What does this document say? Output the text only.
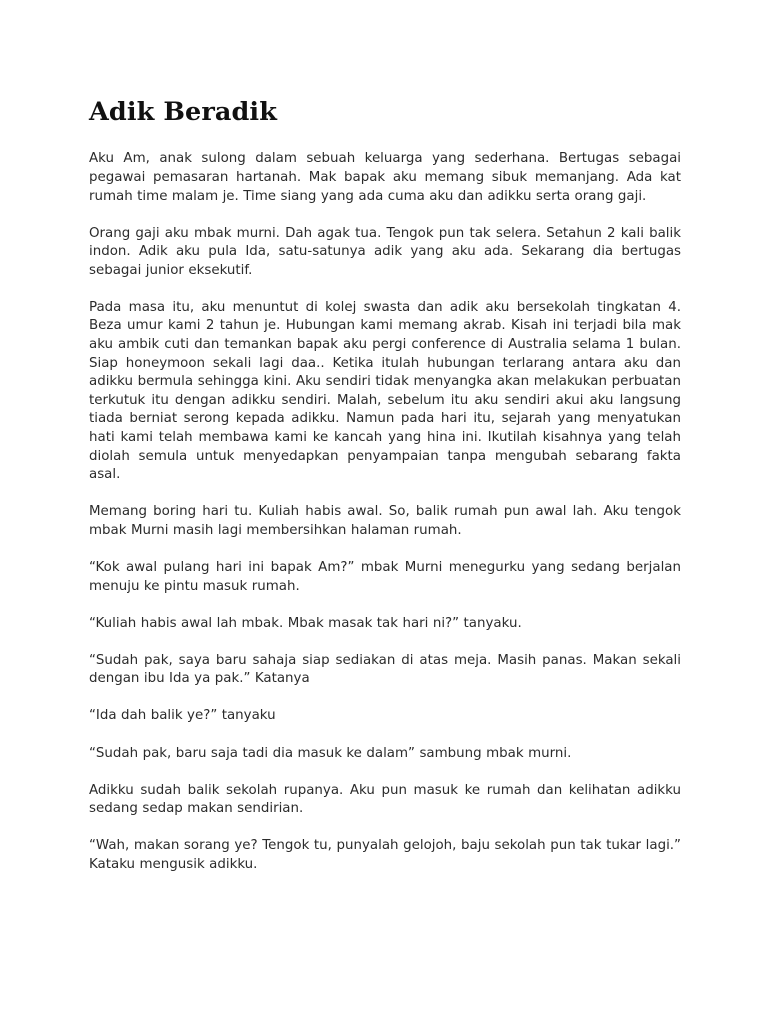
Adik Beradik

Aku Am, anak sulong dalam sebuah keluarga yang sederhana. Bertugas sebagai pegawai pemasaran hartanah. Mak bapak aku memang sibuk memanjang. Ada kat rumah time malam je. Time siang yang ada cuma aku dan adikku serta orang gaji.

Orang gaji aku mbak murni. Dah agak tua. Tengok pun tak selera. Setahun 2 kali balik indon. Adik aku pula Ida, satu-satunya adik yang aku ada. Sekarang dia bertugas sebagai junior eksekutif.

Pada masa itu, aku menuntut di kolej swasta dan adik aku bersekolah tingkatan 4. Beza umur kami 2 tahun je. Hubungan kami memang akrab. Kisah ini terjadi bila mak aku ambik cuti dan temankan bapak aku pergi conference di Australia selama 1 bulan. Siap honeymoon sekali lagi daa.. Ketika itulah hubungan terlarang antara aku dan adikku bermula sehingga kini. Aku sendiri tidak menyangka akan melakukan perbuatan terkutuk itu dengan adikku sendiri. Malah, sebelum itu aku sendiri akui aku langsung tiada berniat serong kepada adikku. Namun pada hari itu, sejarah yang menyatukan hati kami telah membawa kami ke kancah yang hina ini. Ikutilah kisahnya yang telah diolah semula untuk menyedapkan penyampaian tanpa mengubah sebarang fakta asal.

Memang boring hari tu. Kuliah habis awal. So, balik rumah pun awal lah. Aku tengok mbak Murni masih lagi membersihkan halaman rumah.

“Kok awal pulang hari ini bapak Am?” mbak Murni menegurku yang sedang berjalan menuju ke pintu masuk rumah.

“Kuliah habis awal lah mbak. Mbak masak tak hari ni?” tanyaku.

“Sudah pak, saya baru sahaja siap sediakan di atas meja. Masih panas. Makan sekali dengan ibu Ida ya pak.” Katanya

“Ida dah balik ye?” tanyaku

“Sudah pak, baru saja tadi dia masuk ke dalam” sambung mbak murni.

Adikku sudah balik sekolah rupanya. Aku pun masuk ke rumah dan kelihatan adikku sedang sedap makan sendirian.

“Wah, makan sorang ye? Tengok tu, punyalah gelojoh, baju sekolah pun tak tukar lagi.” Kataku mengusik adikku.
